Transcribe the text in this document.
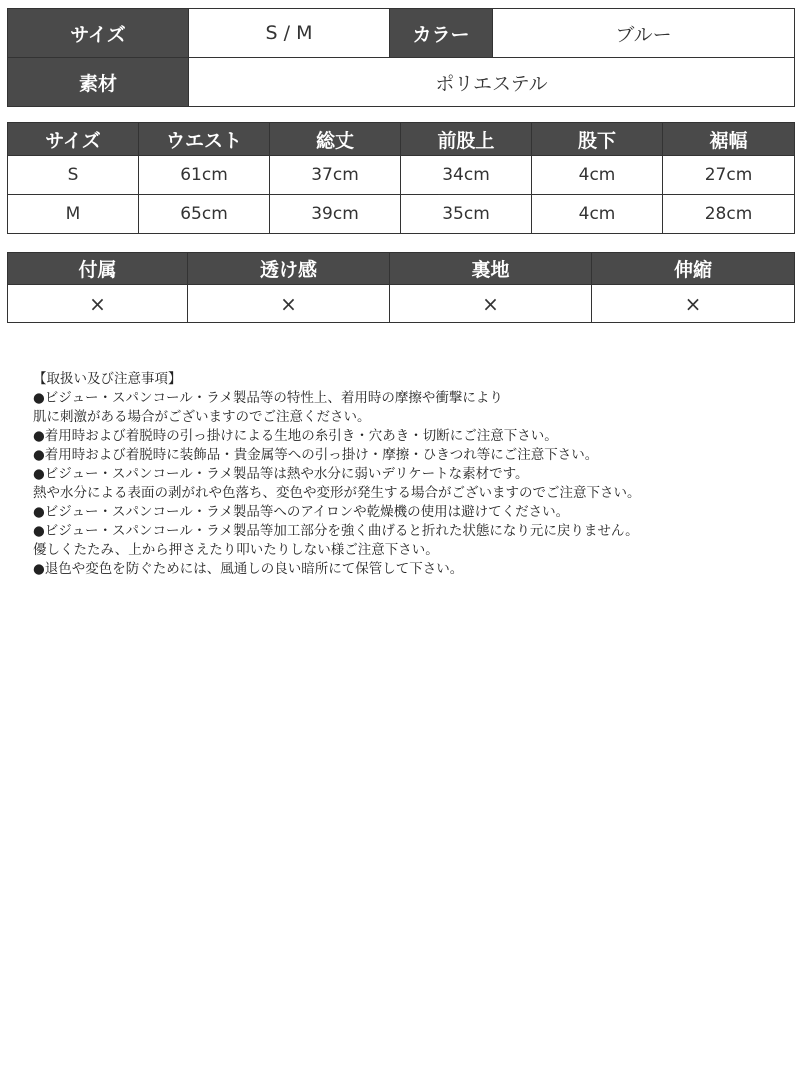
サイズ	S / M	カラー	ブルー
素材	ポリエステル		
サイズ	ウエスト	総丈	前股上	股下	裾幅
S	61cm	37cm	34cm	4cm	27cm
M	65cm	39cm	35cm	4cm	28cm
付属	透け感	裏地	伸縮
×	×	×	×
【取扱い及び注意事項】
●ビジュー・スパンコール・ラメ製品等の特性上、着用時の摩擦や衝撃により
肌に刺激がある場合がございますのでご注意ください。
●着用時および着脱時の引っ掛けによる生地の糸引き・穴あき・切断にご注意下さい。
●着用時および着脱時に装飾品・貴金属等への引っ掛け・摩擦・ひきつれ等にご注意下さい。
●ビジュー・スパンコール・ラメ製品等は熱や水分に弱いデリケートな素材です。
熱や水分による表面の剥がれや色落ち、変色や変形が発生する場合がございますのでご注意下さい。
●ビジュー・スパンコール・ラメ製品等へのアイロンや乾燥機の使用は避けてください。
●ビジュー・スパンコール・ラメ製品等加工部分を強く曲げると折れた状態になり元に戻りません。
優しくたたみ、上から押さえたり叩いたりしない様ご注意下さい。
●退色や変色を防ぐためには、風通しの良い暗所にて保管して下さい。
